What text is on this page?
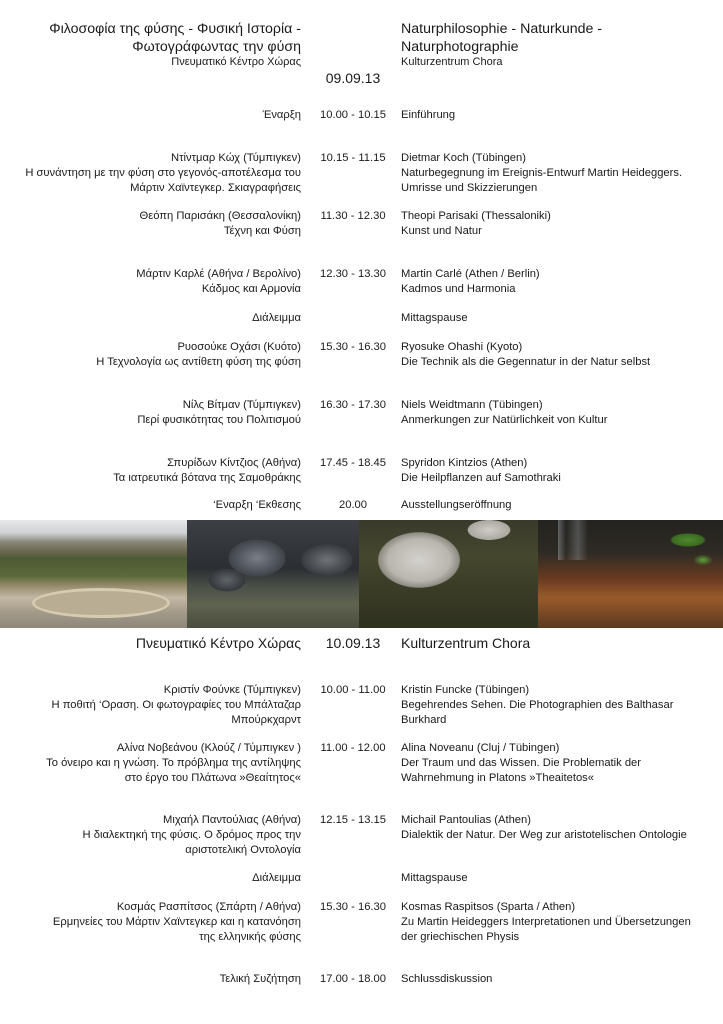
Φιλοσοφία της φύσης - Φυσική Ιστορία -
Φωτογράφωντας την φύση
Πνευματικό Κέντρο Χώρας
Naturphilosophie - Naturkunde -
Naturphotographie
Kulturzentrum Chora
09.09.13
Έναρξη 10.00 - 10.15 Einführung
Ντίντμαρ Κώχ (Τύμπιγκεν)
Η συνάντηση με την φύση στο γεγονός-αποτέλεσμα του
Μάρτιν Χαϊντεγκερ. Σκιαγραφήσεις
10.15 - 11.15 Dietmar Koch (Tübingen)
Naturbegegnung im Ereignis-Entwurf Martin Heideggers.
Umrisse und Skizzierungen
Θεόπη Παρισάκη (Θεσσαλονίκη)
Τέχνη και Φύση
11.30 - 12.30 Theopi Parisaki (Thessaloniki)
Kunst und Natur
Μάρτιν Καρλέ (Αθήνα / Βερολίνο)
Κάδμος και Αρμονία
12.30 - 13.30 Martin Carlé (Athen / Berlin)
Kadmos und Harmonia
Διάλειμμα	Mittagspause
Ρυοσούκε Οχάσι (Κυότο)
Η Τεχνολογία ως αντίθετη φύση της φύση
15.30 - 16.30 Ryosuke Ohashi (Kyoto)
Die Technik als die Gegennatur in der Natur selbst
Νίλς Βίτμαν (Τύμπιγκεν)
Περί φυσικότητας του Πολιτισμού
16.30 - 17.30 Niels Weidtmann (Tübingen)
Anmerkungen zur Natürlichkeit von Kultur
Σπυρίδων Κίντζιος (Αθήνα)
Τα ιατρευτικά βότανα της Σαμοθράκης
17.45 - 18.45 Spyridon Kintzios (Athen)
Die Heilpflanzen auf Samothraki
‘Εναρξη ‘Εκθεσης	20.00	Ausstellungseröffnung
Πνευματικό Κέντρο Χώρας	10.09.13	Kulturzentrum Chora
Κριστίν Φούνκε (Τύμπιγκεν)
Η ποθιτή ‘Οραση. Οι φωτογραφίες του Μπάλταζαρ
Μπούρκχαρντ
10.00 - 11.00 Kristin Funcke (Tübingen)
Begehrendes Sehen. Die Photographien des Balthasar
Burkhard
Αλίνα Νοβεάνου (Κλούζ / Τύμπιγκεν )
Το όνειρο και η γνώση. Το πρόβλημα της αντίληψης
στο έργο του Πλάτωνα »Θεαίτητος«
11.00 - 12.00 Alina Noveanu (Cluj / Tübingen)
Der Traum und das Wissen. Die Problematik der
Wahrnehmung in Platons »Theaitetos«
Μιχαήλ Παντούλιας (Αθήνα)
Η διαλεκτηκή της φύσις. Ο δρόμος προς την
αριστοτελική Οντολογία
12.15 - 13.15 Michail Pantoulias (Athen)
Dialektik der Natur. Der Weg zur aristotelischen Ontologie
Διάλειμμα	Mittagspause
Κοσμάς Ρασπίτσος (Σπάρτη / Αθήνα)
Ερμηνείες του Μάρτιν Χαϊντεγκερ και η κατανόηση
της ελληνικής φύσης
15.30 - 16.30 Kosmas Raspitsos (Sparta / Athen)
Zu Martin Heideggers Interpretationen und Übersetzungen
der griechischen Physis
Τελική Συζήτηση 17.00 - 18.00 Schlussdiskussion
